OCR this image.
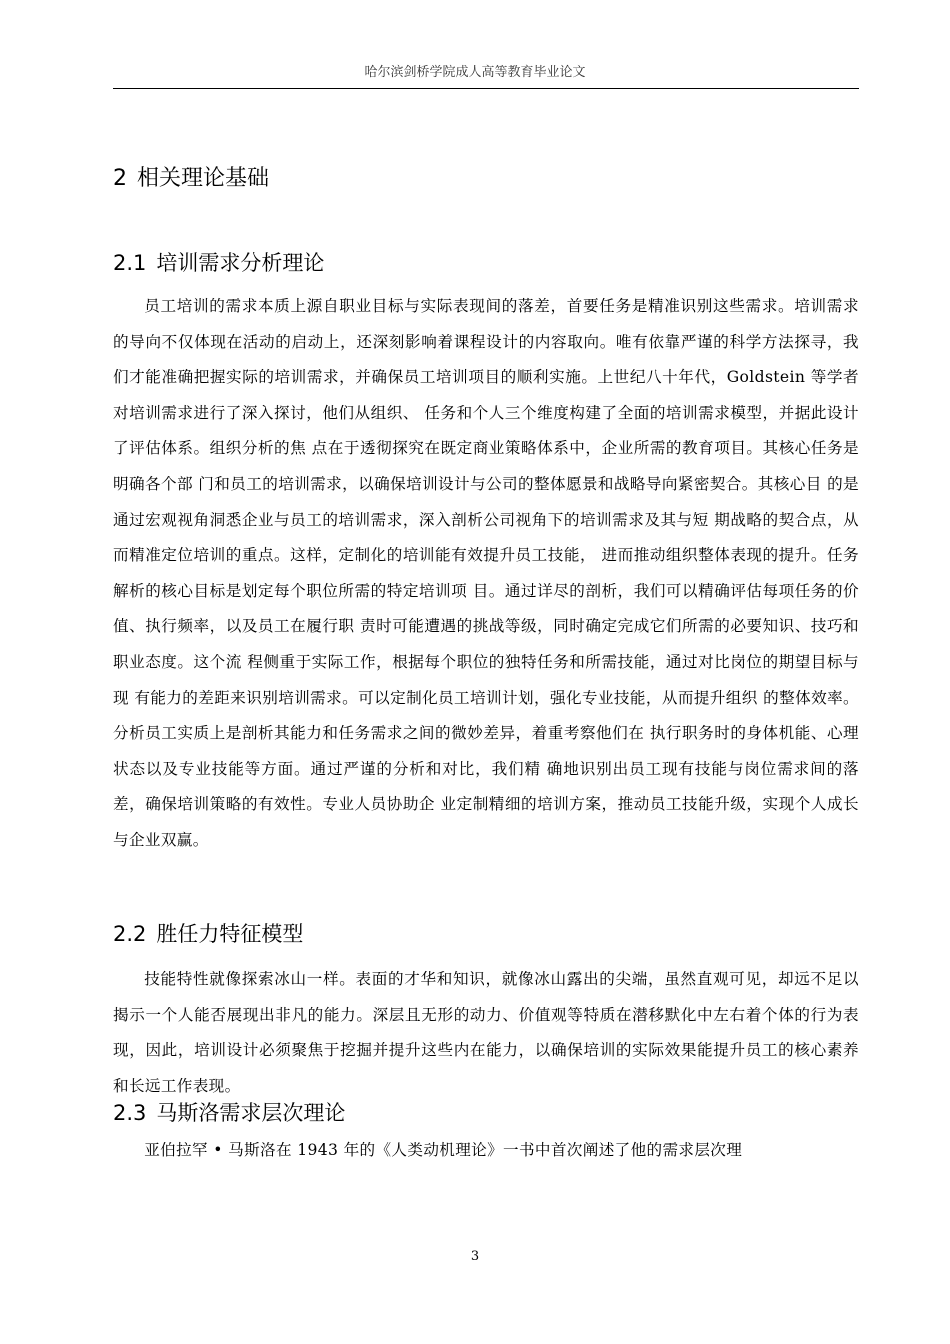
哈尔滨剑桥学院成人高等教育毕业论文
2 相关理论基础
2.1 培训需求分析理论

员工培训的需求本质上源自职业目标与实际表现间的落差，首要任务是精准识别这些需求。培训需求的导向不仅体现在活动的启动上，还深刻影响着课程设计的内容取向。唯有依靠严谨的科学方法探寻，我们才能准确把握实际的培训需求，并确保员工培训项目的顺利实施。上世纪八十年代，Goldstein 等学者对培训需求进行了深入探讨，他们从组织、 任务和个人三个维度构建了全面的培训需求模型，并据此设计了评估体系。组织分析的焦 点在于透彻探究在既定商业策略体系中，企业所需的教育项目。其核心任务是明确各个部 门和员工的培训需求，以确保培训设计与公司的整体愿景和战略导向紧密契合。其核心目 的是通过宏观视角洞悉企业与员工的培训需求，深入剖析公司视角下的培训需求及其与短 期战略的契合点，从而精准定位培训的重点。这样，定制化的培训能有效提升员工技能， 进而推动组织整体表现的提升。任务解析的核心目标是划定每个职位所需的特定培训项 目。通过详尽的剖析，我们可以精确评估每项任务的价值、执行频率，以及员工在履行职 责时可能遭遇的挑战等级，同时确定完成它们所需的必要知识、技巧和职业态度。这个流 程侧重于实际工作，根据每个职位的独特任务和所需技能，通过对比岗位的期望目标与现 有能力的差距来识别培训需求。可以定制化员工培训计划，强化专业技能，从而提升组织 的整体效率。分析员工实质上是剖析其能力和任务需求之间的微妙差异，着重考察他们在 执行职务时的身体机能、心理状态以及专业技能等方面。通过严谨的分析和对比，我们精 确地识别出员工现有技能与岗位需求间的落差，确保培训策略的有效性。专业人员协助企 业定制精细的培训方案，推动员工技能升级，实现个人成长与企业双赢。

2.2 胜任力特征模型

技能特性就像探索冰山一样。表面的才华和知识，就像冰山露出的尖端，虽然直观可见，却远不足以揭示一个人能否展现出非凡的能力。深层且无形的动力、价值观等特质在潜移默化中左右着个体的行为表现，因此，培训设计必须聚焦于挖掘并提升这些内在能力，以确保培训的实际效果能提升员工的核心素养和长远工作表现。

2.3 马斯洛需求层次理论

亚伯拉罕 • 马斯洛在 1943 年的《人类动机理论》一书中首次阐述了他的需求层次理

3
